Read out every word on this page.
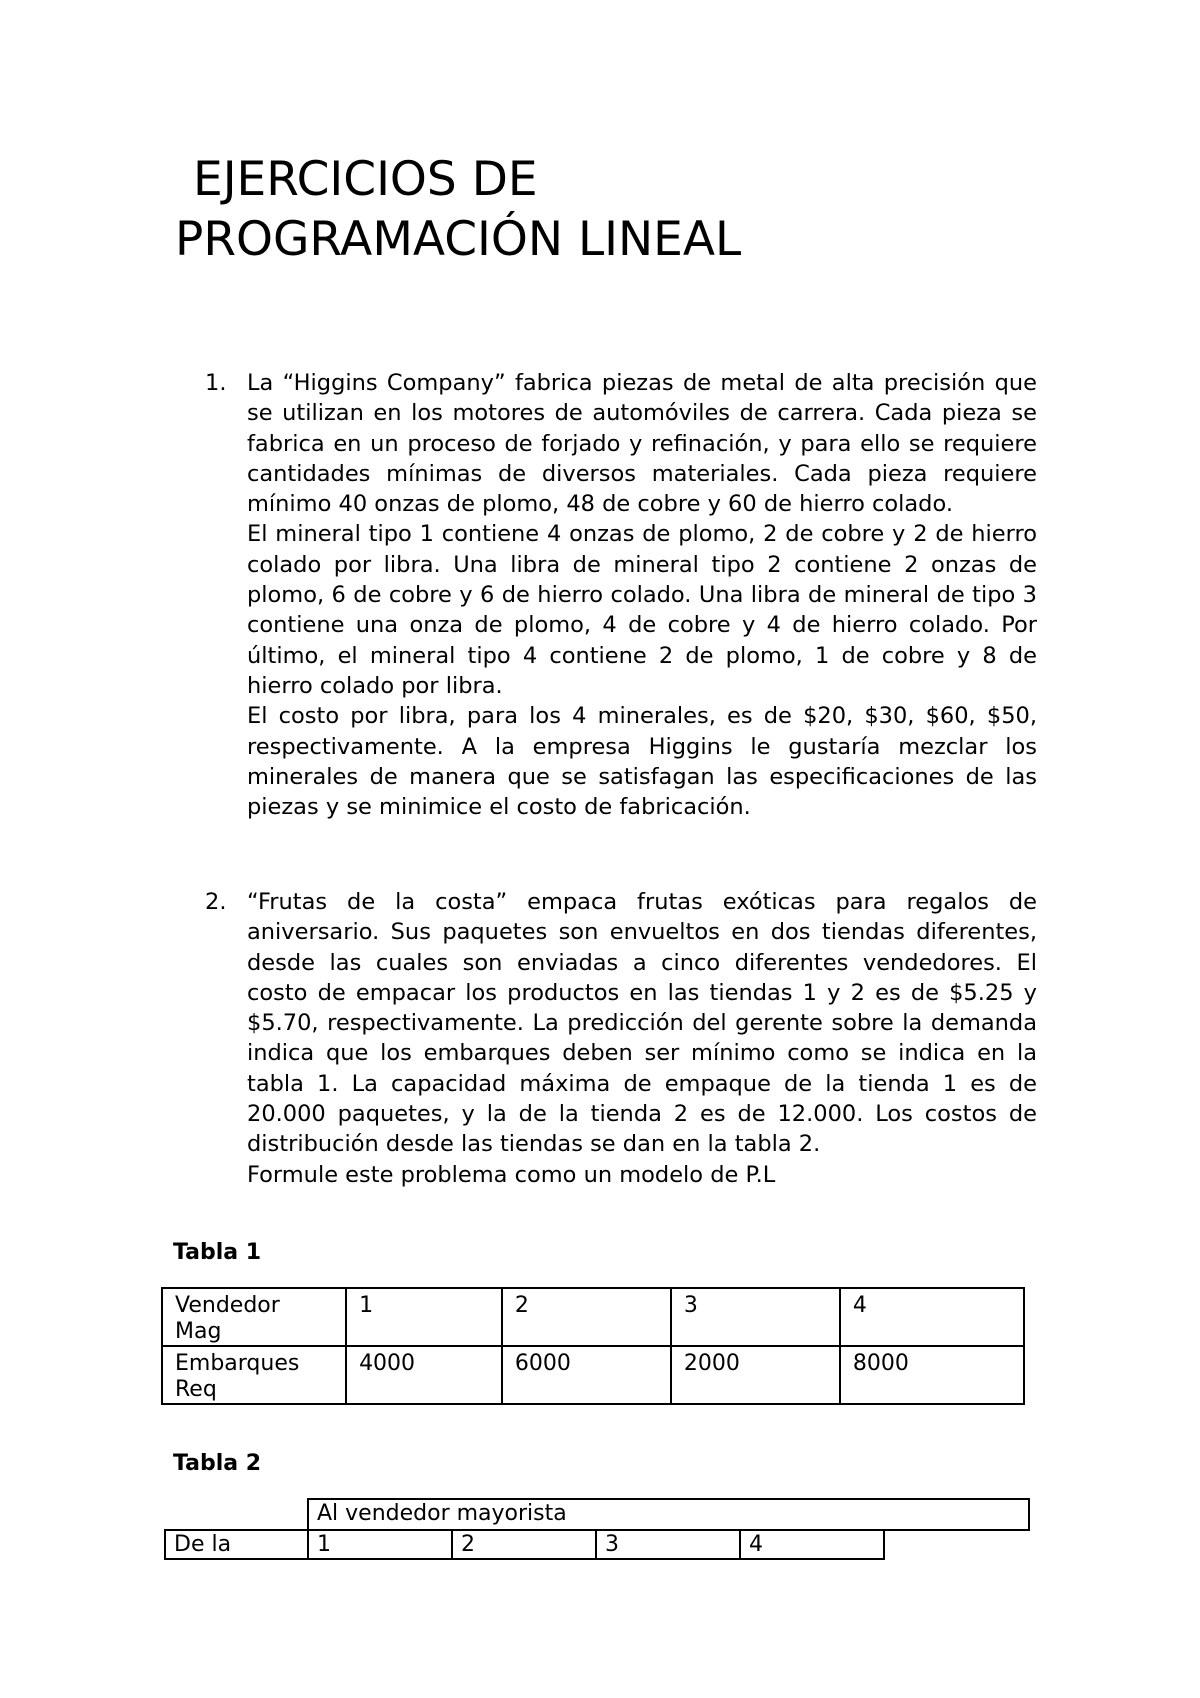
EJERCICIOS DE
PROGRAMACIÓN LINEAL
1. La “Higgins Company” fabrica piezas de metal de alta precisión que se utilizan en los motores de automóviles de carrera. Cada pieza se fabrica en un proceso de forjado y refinación, y para ello se requiere cantidades mínimas de diversos materiales. Cada pieza requiere mínimo 40 onzas de plomo, 48 de cobre y 60 de hierro colado.

El mineral tipo 1 contiene 4 onzas de plomo, 2 de cobre y 2 de hierro colado por libra. Una libra de mineral tipo 2 contiene 2 onzas de plomo, 6 de cobre y 6 de hierro colado. Una libra de mineral de tipo 3 contiene una onza de plomo, 4 de cobre y 4 de hierro colado. Por último, el mineral tipo 4 contiene 2 de plomo, 1 de cobre y 8 de hierro colado por libra.

El costo por libra, para los 4 minerales, es de $20, $30, $60, $50, respectivamente. A la empresa Higgins le gustaría mezclar los minerales de manera que se satisfagan las especificaciones de las piezas y se minimice el costo de fabricación.

2. “Frutas de la costa” empaca frutas exóticas para regalos de aniversario. Sus paquetes son envueltos en dos tiendas diferentes, desde las cuales son enviadas a cinco diferentes vendedores. El costo de empacar los productos en las tiendas 1 y 2 es de $5.25 y $5.70, respectivamente. La predicción del gerente sobre la demanda indica que los embarques deben ser mínimo como se indica en la tabla 1. La capacidad máxima de empaque de la tienda 1 es de 20.000 paquetes, y la de la tienda 2 es de 12.000. Los costos de distribución desde las tiendas se dan en la tabla 2.

Formule este problema como un modelo de P.L

Tabla 1
Vendedor Mag	1	2	3	4
Embarques Req	4000	6000	2000	8000
Tabla 2
Al vendedor mayorista
De la	1	2	3	4
